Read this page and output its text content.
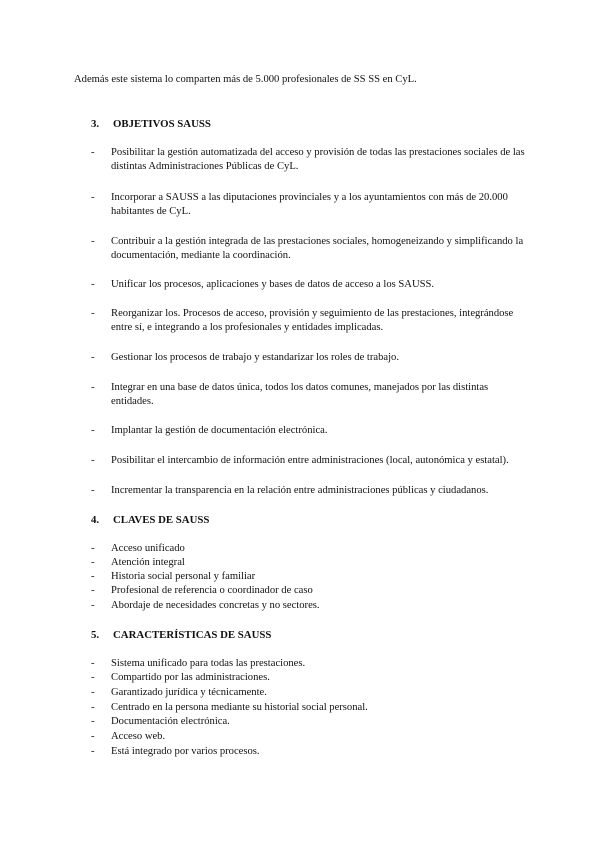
Además este sistema lo comparten más de 5.000 profesionales de SS SS en CyL.
3. OBJETIVOS SAUSS
- Posibilitar la gestión automatizada del acceso y provisión de todas las prestaciones sociales de las distintas Administraciones Públicas de CyL.
- Incorporar a SAUSS a las diputaciones provinciales y a los ayuntamientos con más de 20.000 habitantes de CyL.
- Contribuir a la gestión integrada de las prestaciones sociales, homogeneizando y simplificando la documentación, mediante la coordinación.
- Unificar los procesos, aplicaciones y bases de datos de acceso a los SAUSS.
- Reorganizar los. Procesos de acceso, provisión y seguimiento de las prestaciones, integrándose entre sí, e integrando a los profesionales y entidades implicadas.
- Gestionar los procesos de trabajo y estandarizar los roles de trabajo.
- Integrar en una base de datos única, todos los datos comunes, manejados por las distintas entidades.
- Implantar la gestión de documentación electrónica.
- Posibilitar el intercambio de información entre administraciones (local, autonómica y estatal).
- Incrementar la transparencia en la relación entre administraciones públicas y ciudadanos.
4. CLAVES DE SAUSS
- Acceso unificado
- Atención integral
- Historia social personal y familiar
- Profesional de referencia o coordinador de caso
- Abordaje de necesidades concretas y no sectores.
5. CARACTERÍSTICAS DE SAUSS
- Sistema unificado para todas las prestaciones.
- Compartido por las administraciones.
- Garantizado jurídica y técnicamente.
- Centrado en la persona mediante su historial social personal.
- Documentación electrónica.
- Acceso web.
- Está integrado por varios procesos.
